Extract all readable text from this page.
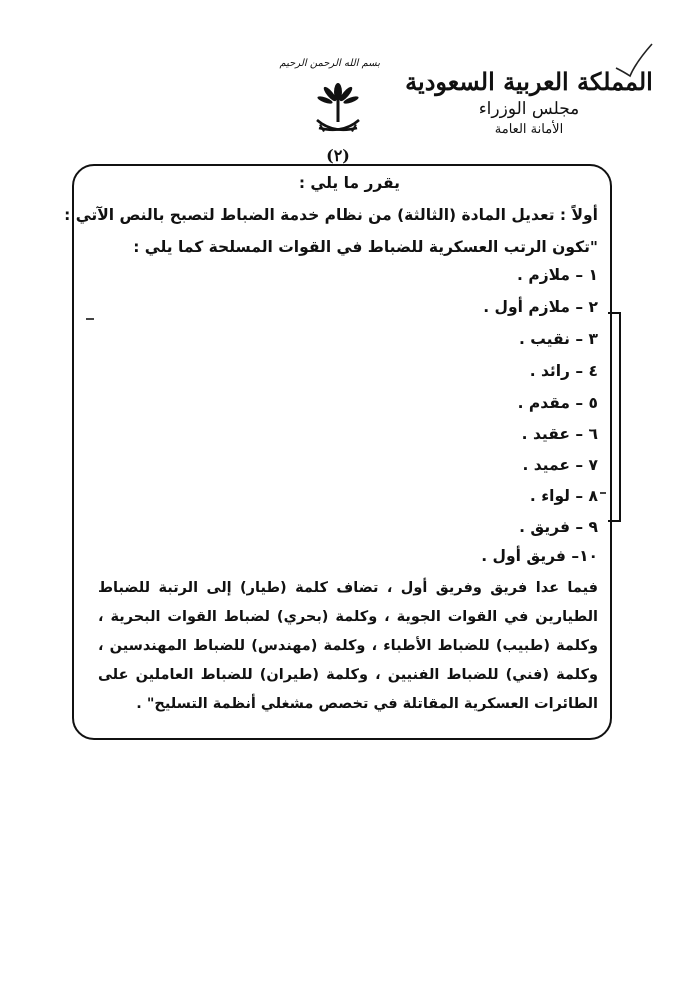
المملكة العربية السعودية
مجلس الوزراء
الأمانة العامة
بسم الله الرحمن الرحيم
(٢)
يقرر ما يلي :
أولاً : تعديل المادة (الثالثة) من نظام خدمة الضباط لتصبح بالنص الآتي :
"تكون الرتب العسكرية للضباط في القوات المسلحة كما يلي :
١ – ملازم .
٢ – ملازم أول .
٣ – نقيب .
٤ – رائد .
٥ – مقدم .
٦ – عقيد .
٧ – عميد .
٨ – لواء .
٩ – فريق .
١٠– فريق أول .
فيما عدا فريق وفريق أول ، تضاف كلمة (طيار) إلى الرتبة للضباط الطيارين في القوات الجوية ، وكلمة (بحري) لضباط القوات البحرية ، وكلمة (طبيب) للضباط الأطباء ، وكلمة (مهندس) للضباط المهندسين ، وكلمة (فني) للضباط الفنيين ، وكلمة (طيران) للضباط العاملين على الطائرات العسكرية المقاتلة في تخصص مشغلي أنظمة التسليح" .
